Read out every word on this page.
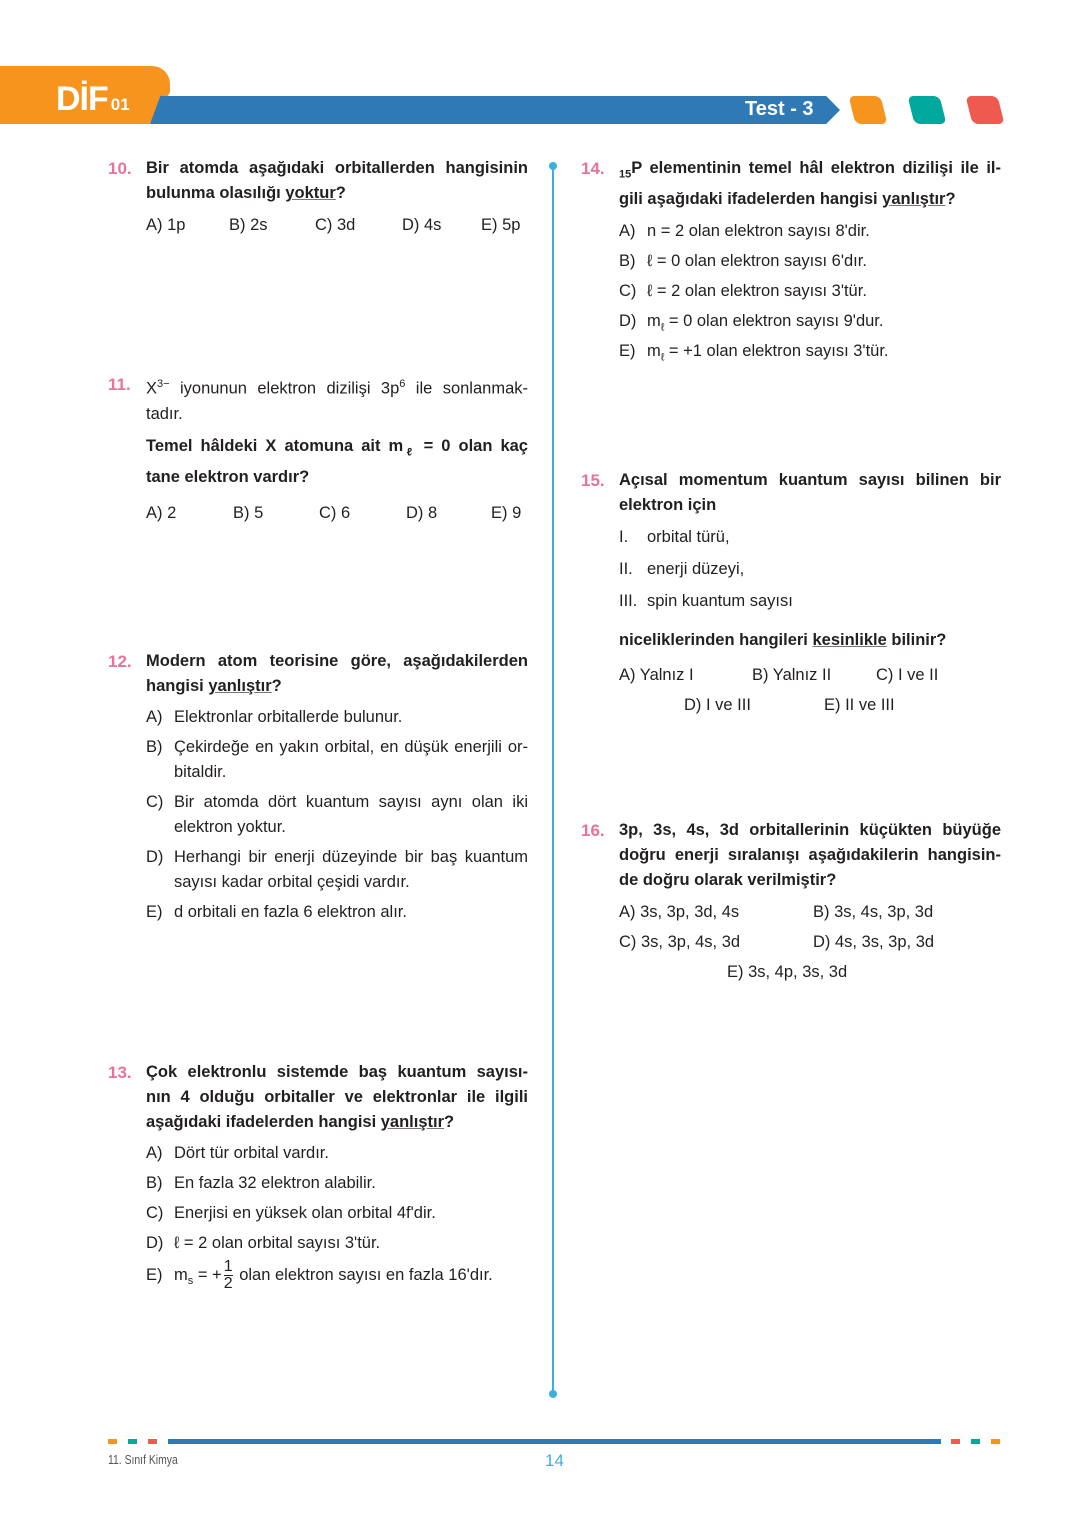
DİF 01	Test - 3
10. Bir atomda aşağıdaki orbitallerden hangisinin
bulunma olasılığı yoktur?
A) 1p	B) 2s	C) 3d	D) 4s E) 5p
11. $X^{3-}$ iyonunun elektron dizilişi $3p^6$ ile sonlanmak-
tadır.
Temel hâldeki X atomuna ait $m_\ell = 0$ olan kaç
tane elektron vardır?
A) 2	B) 5	C) 6	D) 8	E) 9
12. Modern atom teorisine göre, aşağıdakilerden
hangisi yanlıştır?
A) Elektronlar orbitallerde bulunur.
B) Çekirdeğe en yakın orbital, en düşük enerjili or-
bitaldir.
C) Bir atomda dört kuantum sayısı aynı olan iki
elektron yoktur.
D) Herhangi bir enerji düzeyinde bir baş kuantum
sayısı kadar orbital çeşidi vardır.
E) d orbitali en fazla 6 elektron alır.
13. Çok elektronlu sistemde baş kuantum sayısı-
nın 4 olduğu orbitaller ve elektronlar ile ilgili
aşağıdaki ifadelerden hangisi yanlıştır?
A) Dört tür orbital vardır.
B) En fazla 32 elektron alabilir.
C) Enerjisi en yüksek olan orbital 4f'dir.
D) ℓ = 2 olan orbital sayısı 3'tür.
E) $m_s$ = + $\frac{1}{2}$ olan elektron sayısı en fazla 16'dır.
14. $_{15}$P elementinin temel hâl elektron dizilişi ile il-
gili aşağıdaki ifadelerden hangisi yanlıştır?
A) n = 2 olan elektron sayısı 8'dir.
B) ℓ = 0 olan elektron sayısı 6'dır.
C) ℓ = 2 olan elektron sayısı 3'tür.
D) $m_\ell = 0$ olan elektron sayısı 9'dur.
E) $m_\ell = +1$ olan elektron sayısı 3'tür.
15. Açısal momentum kuantum sayısı bilinen bir
elektron için
I. orbital türü,
II. enerji düzeyi,
III. spin kuantum sayısı
niceliklerinden hangileri kesinlikle bilinir?
A) Yalnız I	B) Yalnız II	C) I ve II
D) I ve III	E) II ve III
16. 3p, 3s, 4s, 3d orbitallerinin küçükten büyüğe
doğru enerji sıralanışı aşağıdakilerin hangisin-
de doğru olarak verilmiştir?
A) 3s, 3p, 3d, 4s	B) 3s, 4s, 3p, 3d
C) 3s, 3p, 4s, 3d	D) 4s, 3s, 3p, 3d
E) 3s, 4p, 3s, 3d
11. Sınıf Kimya	14
